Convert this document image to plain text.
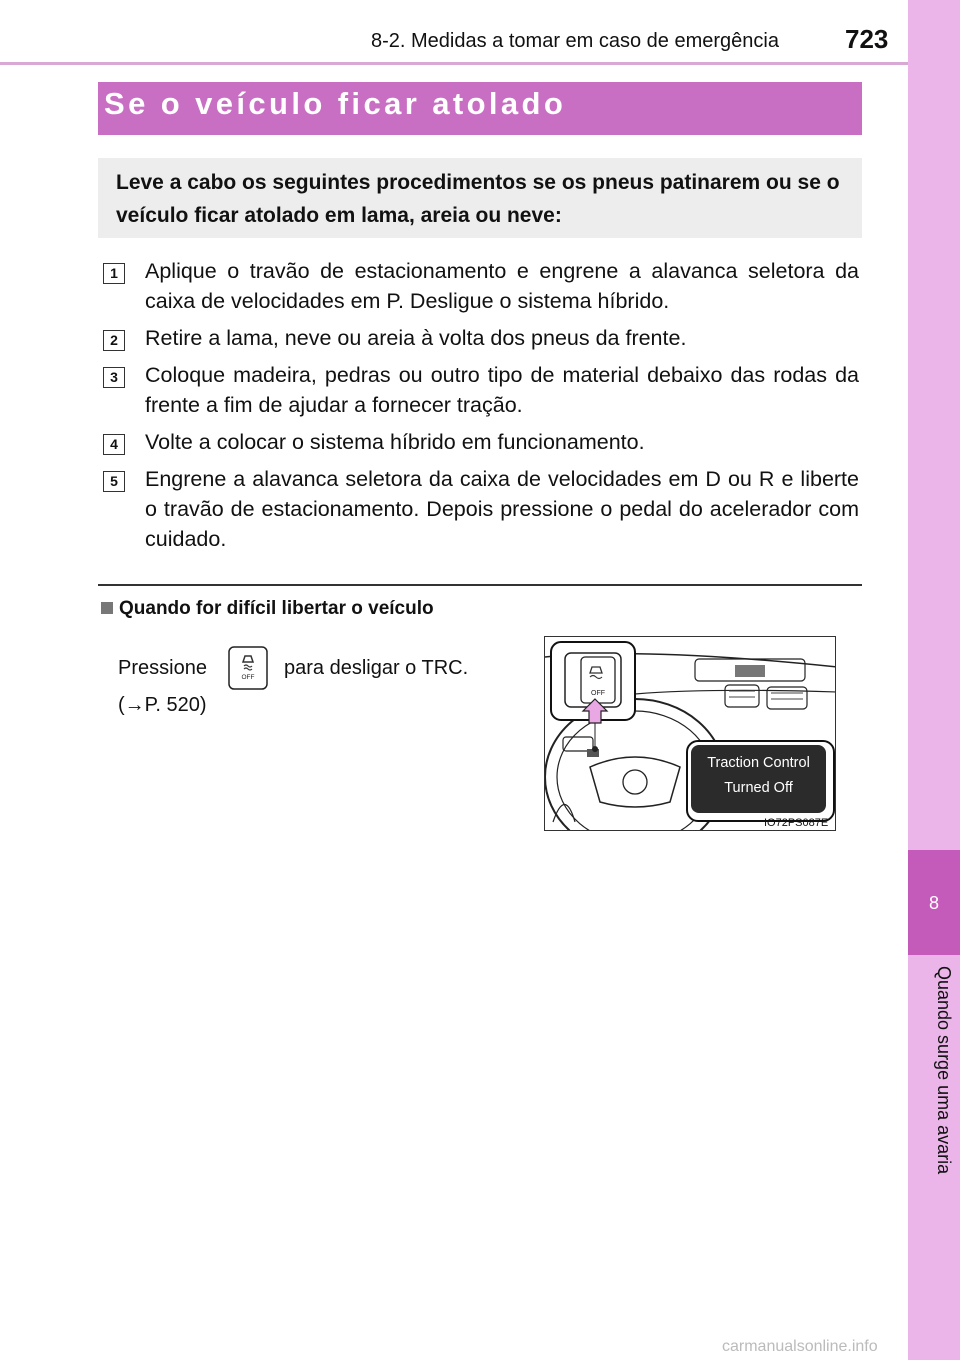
8-2. Medidas a tomar em caso de emergência	723
8
Quando surge uma avaria
Se o veículo ficar atolado
Leve a cabo os seguintes procedimentos se os pneus patinarem ou se o veículo ficar atolado em lama, areia ou neve:
1	Aplique o travão de estacionamento e engrene a alavanca seletora da caixa de velocidades em P. Desligue o sistema híbrido.
2	Retire a lama, neve ou areia à volta dos pneus da frente.
3	Coloque madeira, pedras ou outro tipo de material debaixo das rodas da frente a fim de ajudar a fornecer tração.
4	Volte a colocar o sistema híbrido em funcionamento.
5	Engrene a alavanca seletora da caixa de velocidades em D ou R e liberte o travão de estacionamento. Depois pressione o pedal do acelerador com cuidado.
Quando for difícil libertar o veículo
Pressione	OFF para desligar o TRC.
(→P. 520)
OFF
Traction Control
Turned Off
IO72PS087E
carmanualsonline.info
